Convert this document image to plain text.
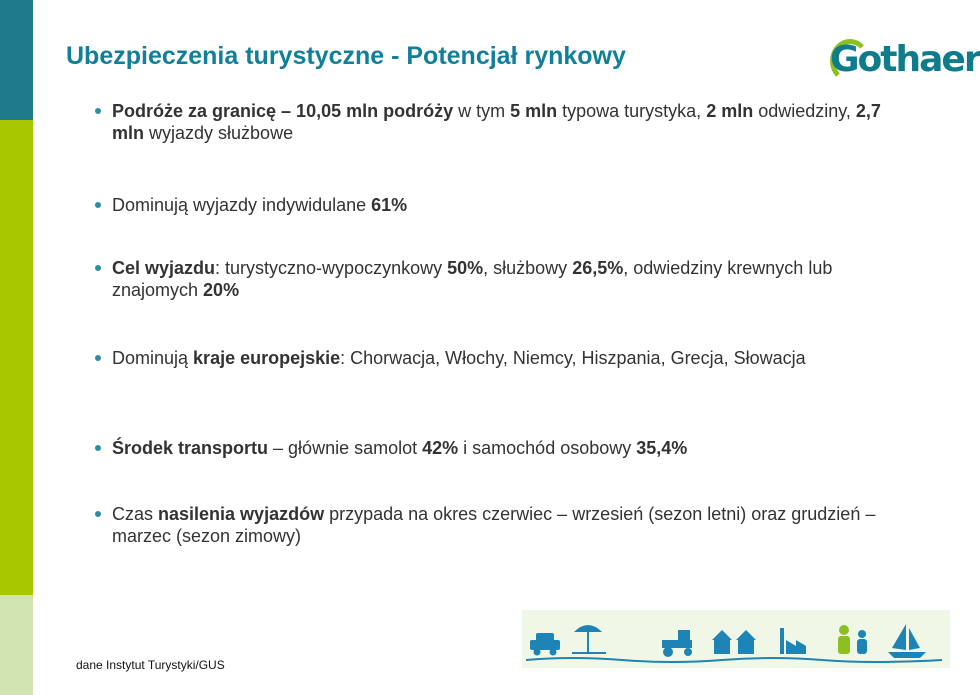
Ubezpieczenia turystyczne - Potencjał rynkowy	Gothaer
Podróże za granicę – 10,05 mln podróży w tym 5 mln typowa turystyka, 2 mln odwiedziny, 2,7 mln wyjazdy służbowe
Dominują wyjazdy indywidulane 61%
Cel wyjazdu: turystyczno-wypoczynkowy 50%, służbowy 26,5%, odwiedziny krewnych lub znajomych 20%
Dominują kraje europejskie: Chorwacja, Włochy, Niemcy, Hiszpania, Grecja, Słowacja
Środek transportu – głównie samolot 42% i samochód osobowy 35,4%
Czas nasilenia wyjazdów przypada na okres czerwiec – wrzesień (sezon letni) oraz grudzień – marzec (sezon zimowy)

dane Instytut Turystyki/GUS
